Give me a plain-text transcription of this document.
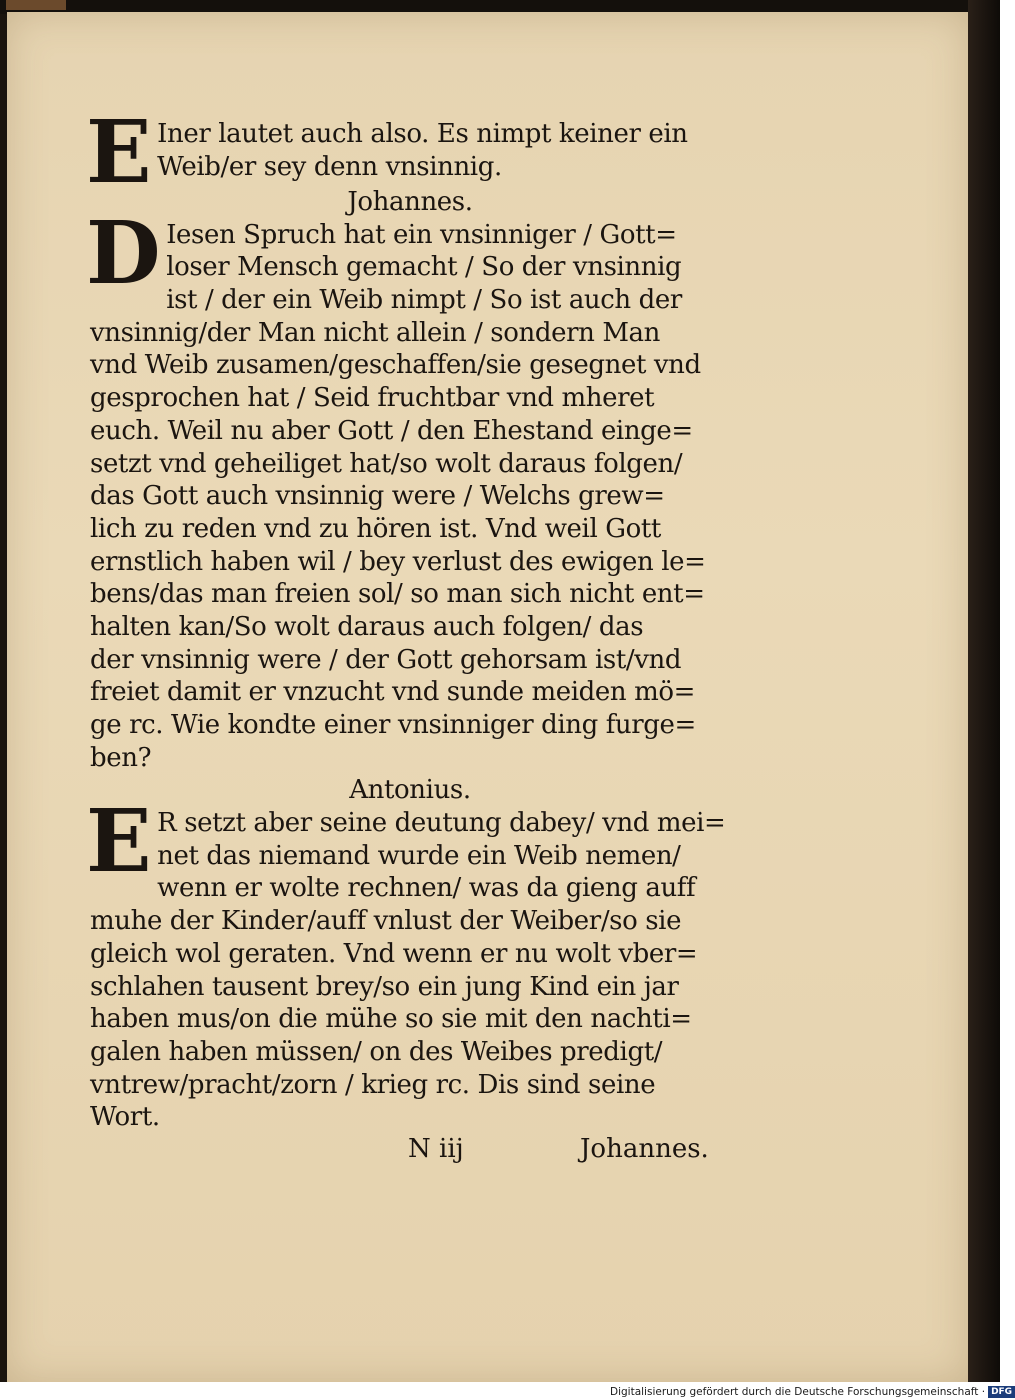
E Iner lautet auch also. Es nimpt keiner ein
Weib/er sey denn vnsinnig.
Johannes.
D Iesen Spruch hat ein vnsinniger / Gott=
loser Mensch gemacht / So der vnsinnig
ist / der ein Weib nimpt / So ist auch der
vnsinnig/der Man nicht allein / sondern Man
vnd Weib zusamen/geschaffen/sie gesegnet vnd
gesprochen hat / Seid fruchtbar vnd mheret
euch. Weil nu aber Gott / den Ehestand einge=
setzt vnd geheiliget hat/so wolt daraus folgen/
das Gott auch vnsinnig were / Welchs grew=
lich zu reden vnd zu hören ist. Vnd weil Gott
ernstlich haben wil / bey verlust des ewigen le=
bens/das man freien sol/ so man sich nicht ent=
halten kan/So wolt daraus auch folgen/ das
der vnsinnig were / der Gott gehorsam ist/vnd
freiet damit er vnzucht vnd sunde meiden mö=
ge rc. Wie kondte einer vnsinniger ding furge=
ben?
Antonius.
E R setzt aber seine deutung dabey/ vnd mei=
net das niemand wurde ein Weib nemen/
wenn er wolte rechnen/ was da gieng auff
muhe der Kinder/auff vnlust der Weiber/so sie
gleich wol geraten. Vnd wenn er nu wolt vber=
schlahen tausent brey/so ein jung Kind ein jar
haben mus/on die mühe so sie mit den nachti=
galen haben müssen/ on des Weibes predigt/
vntrew/pracht/zorn / krieg rc. Dis sind seine
Wort.
N iij	Johannes.
Digitalisierung gefördert durch die Deutsche Forschungsgemeinschaft · DFG
